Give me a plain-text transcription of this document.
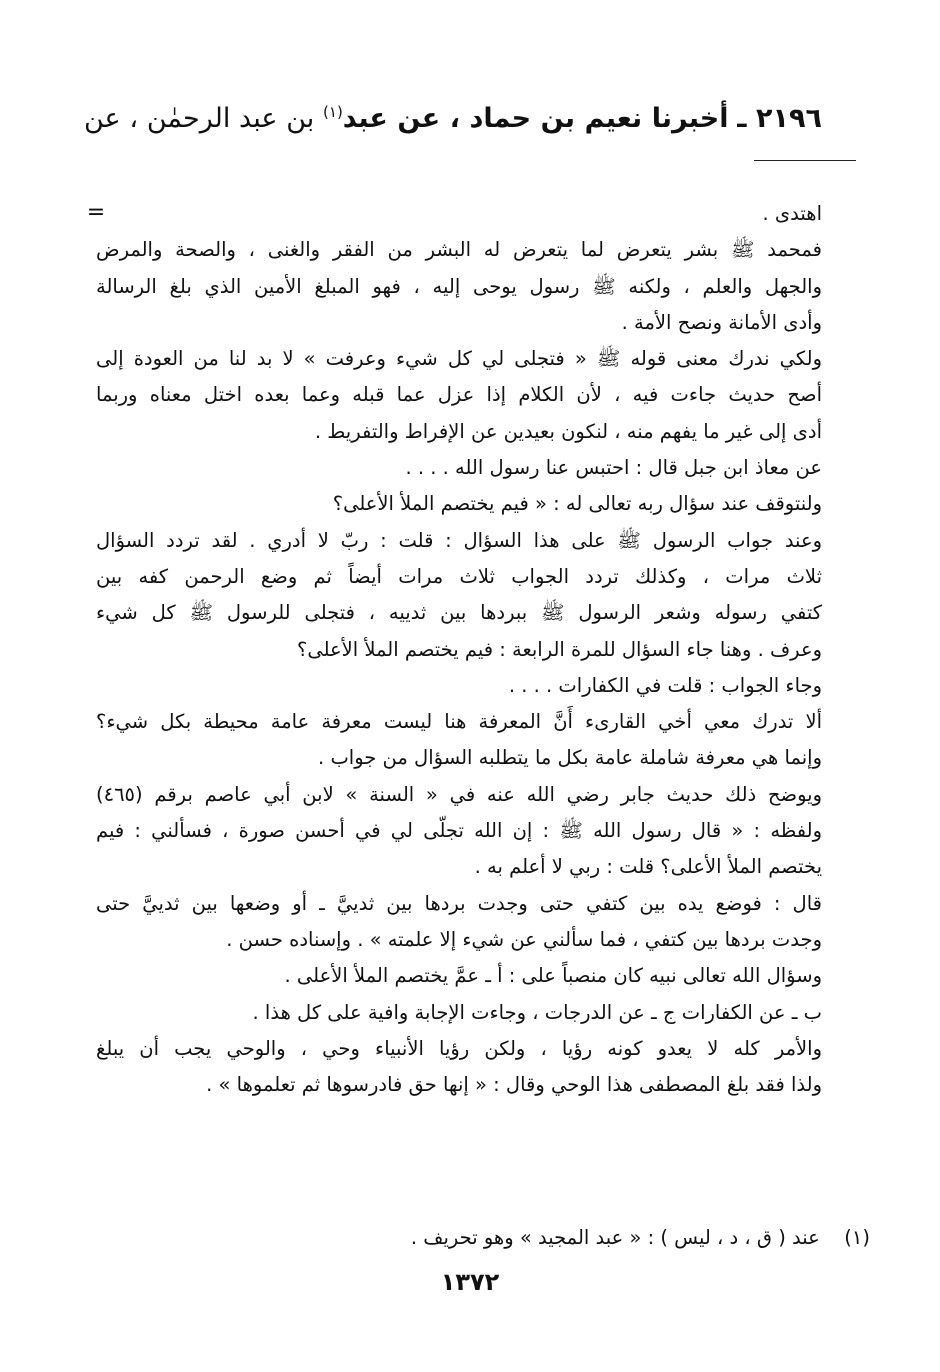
٢١٩٦ ـ أخبرنا نعيم بن حماد ، عن عبد$^{(١)}$ بن عبد الرحمٰن ، عن
=	اهتدى .
فمحمد ﷺ بشر يتعرض لما يتعرض له البشر من الفقر والغنى ، والصحة والمرض
والجهل والعلم ، ولكنه ﷺ رسول يوحى إليه ، فهو المبلغ الأمين الذي بلغ الرسالة
وأدى الأمانة ونصح الأمة .
ولكي ندرك معنى قوله ﷺ « فتجلى لي كل شيء وعرفت » لا بد لنا من العودة إلى
أصح حديث جاءت فيه ، لأن الكلام إذا عزل عما قبله وعما بعده اختل معناه وربما
أدى إلى غير ما يفهم منه ، لنكون بعيدين عن الإفراط والتفريط .
عن معاذ ابن جبل قال : احتبس عنا رسول الله . . . .
ولنتوقف عند سؤال ربه تعالى له : « فيم يختصم الملأ الأعلى؟
وعند جواب الرسول ﷺ على هذا السؤال : قلت : ربّ لا أدري . لقد تردد السؤال
ثلاث مرات ، وكذلك تردد الجواب ثلاث مرات أيضاً ثم وضع الرحمن كفه بين
كتفي رسوله وشعر الرسول ﷺ ببردها بين ثدييه ، فتجلى للرسول ﷺ كل شيء
وعرف . وهنا جاء السؤال للمرة الرابعة : فيم يختصم الملأ الأعلى؟
وجاء الجواب : قلت في الكفارات . . . .
ألا تدرك معي أخي القارىء أَنَّ المعرفة هنا ليست معرفة عامة محيطة بكل شيء؟
وإنما هي معرفة شاملة عامة بكل ما يتطلبه السؤال من جواب .
ويوضح ذلك حديث جابر رضي الله عنه في « السنة » لابن أبي عاصم برقم (٤٦٥)
ولفظه : « قال رسول الله ﷺ : إن الله تجلّى لي في أحسن صورة ، فسألني : فيم
يختصم الملأ الأعلى؟ قلت : ربي لا أعلم به .
قال : فوضع يده بين كتفي حتى وجدت بردها بين ثدييَّ ـ أو وضعها بين ثدييَّ حتى
وجدت بردها بين كتفي ، فما سألني عن شيء إلا علمته » . وإسناده حسن .
وسؤال الله تعالى نبيه كان منصباً على : أ ـ عمَّ يختصم الملأ الأعلى .
ب ـ عن الكفارات ج ـ عن الدرجات ، وجاءت الإجابة وافية على كل هذا .
والأمر كله لا يعدو كونه رؤيا ، ولكن رؤيا الأنبياء وحي ، والوحي يجب أن يبلغ
ولذا فقد بلغ المصطفى هذا الوحي وقال : « إنها حق فادرسوها ثم تعلموها » .
(١) عند ( ق ، د ، ليس ) : « عبد المجيد » وهو تحريف .
١٣٧٢
